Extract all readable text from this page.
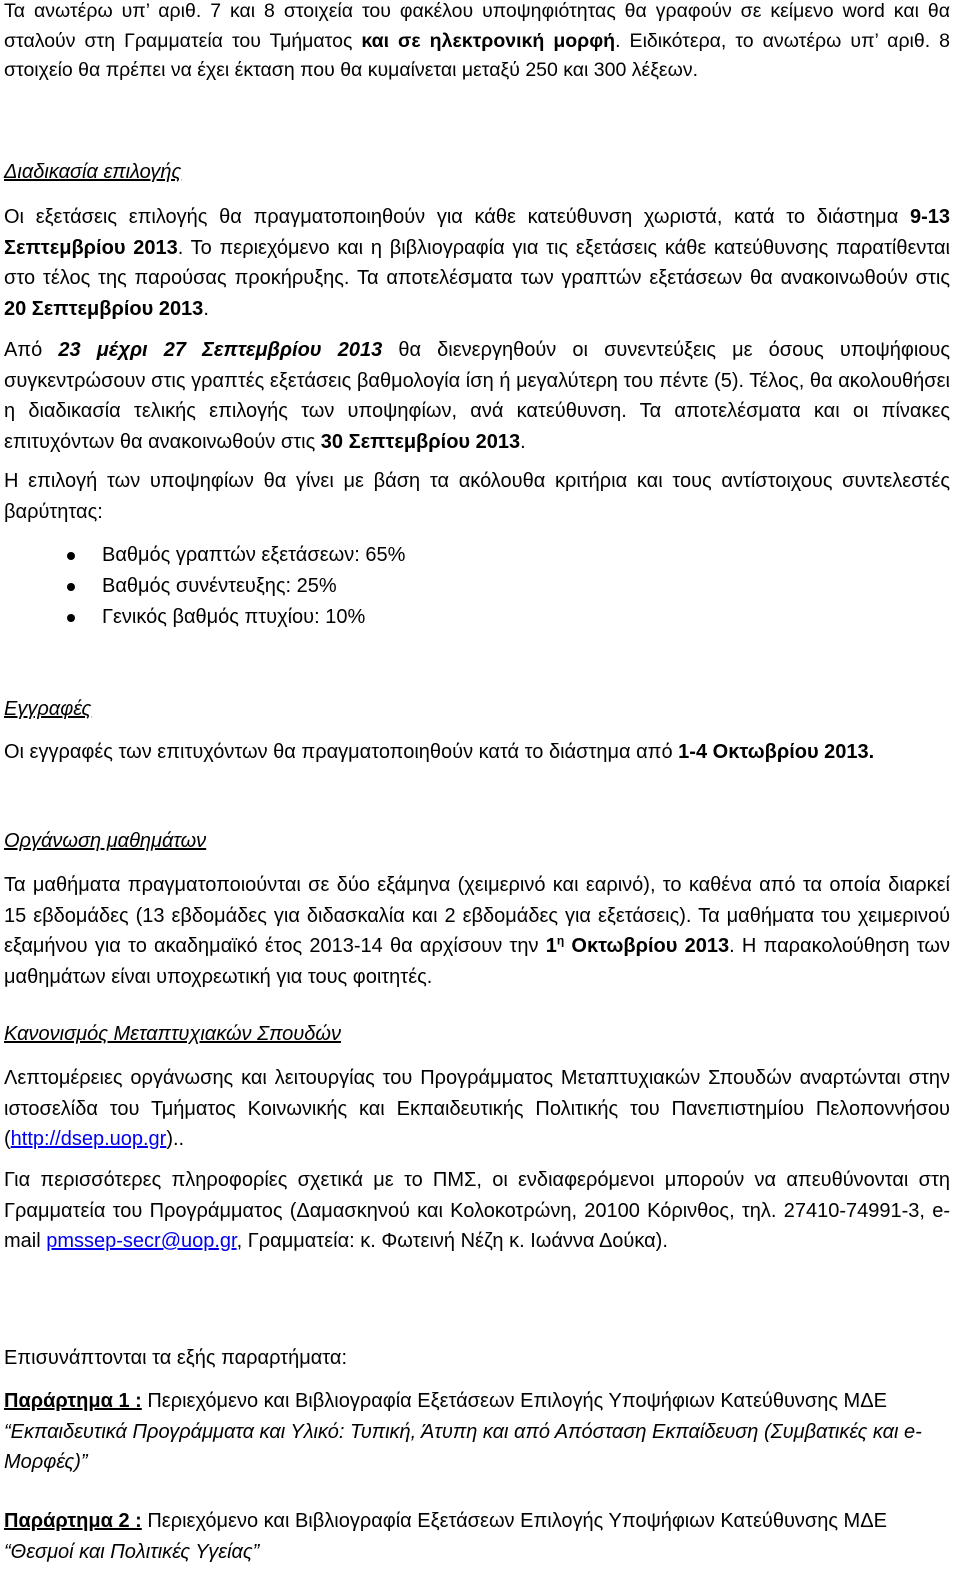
Τα ανωτέρω υπ’ αριθ. 7 και 8 στοιχεία του φακέλου υποψηφιότητας θα γραφούν σε κείμενο word και θα σταλούν στη Γραμματεία του Τμήματος και σε ηλεκτρονική μορφή. Ειδικότερα, το ανωτέρω υπ’ αριθ. 8 στοιχείο θα πρέπει να έχει έκταση που θα κυμαίνεται μεταξύ 250 και 300 λέξεων.

Διαδικασία επιλογής

Οι εξετάσεις επιλογής θα πραγματοποιηθούν για κάθε κατεύθυνση χωριστά, κατά το διάστημα 9-13 Σεπτεμβρίου 2013. Το περιεχόμενο και η βιβλιογραφία για τις εξετάσεις κάθε κατεύθυνσης παρατίθενται στο τέλος της παρούσας προκήρυξης. Τα αποτελέσματα των γραπτών εξετάσεων θα ανακοινωθούν στις 20 Σεπτεμβρίου 2013.

Από 23 μέχρι 27 Σεπτεμβρίου 2013 θα διενεργηθούν οι συνεντεύξεις με όσους υποψήφιους συγκεντρώσουν στις γραπτές εξετάσεις βαθμολογία ίση ή μεγαλύτερη του πέντε (5). Τέλος, θα ακολουθήσει η διαδικασία τελικής επιλογής των υποψηφίων, ανά κατεύθυνση. Τα αποτελέσματα και οι πίνακες επιτυχόντων θα ανακοινωθούν στις 30 Σεπτεμβρίου 2013.

Η επιλογή των υποψηφίων θα γίνει με βάση τα ακόλουθα κριτήρια και τους αντίστοιχους συντελεστές βαρύτητας:

Βαθμός γραπτών εξετάσεων: 65%
Βαθμός συνέντευξης: 25%
Γενικός βαθμός πτυχίου: 10%

Εγγραφές

Οι εγγραφές των επιτυχόντων θα πραγματοποιηθούν κατά το διάστημα από 1-4 Οκτωβρίου 2013.

Οργάνωση μαθημάτων

Τα μαθήματα πραγματοποιούνται σε δύο εξάμηνα (χειμερινό και εαρινό), το καθένα από τα οποία διαρκεί 15 εβδομάδες (13 εβδομάδες για διδασκαλία και 2 εβδομάδες για εξετάσεις). Τα μαθήματα του χειμερινού εξαμήνου για το ακαδημαϊκό έτος 2013-14 θα αρχίσουν την $1^\eta$ Οκτωβρίου 2013. Η παρακολούθηση των μαθημάτων είναι υποχρεωτική για τους φοιτητές.

Κανονισμός Μεταπτυχιακών Σπουδών

Λεπτομέρειες οργάνωσης και λειτουργίας του Προγράμματος Μεταπτυχιακών Σπουδών αναρτώνται στην ιστοσελίδα του Τμήματος Κοινωνικής και Εκπαιδευτικής Πολιτικής του Πανεπιστημίου Πελοποννήσου (http://dsep.uop.gr)..

Για περισσότερες πληροφορίες σχετικά με το ΠΜΣ, οι ενδιαφερόμενοι μπορούν να απευθύνονται στη Γραμματεία του Προγράμματος (Δαμασκηνού και Κολοκοτρώνη, 20100 Κόρινθος, τηλ. 27410-74991-3, e-mail pmssep-secr@uop.gr, Γραμματεία: κ. Φωτεινή Νέζη κ. Ιωάννα Δούκα).

Επισυνάπτονται τα εξής παραρτήματα:

Παράρτημα 1 : Περιεχόμενο και Βιβλιογραφία Εξετάσεων Επιλογής Υποψήφιων Κατεύθυνσης ΜΔΕ “Εκπαιδευτικά Προγράμματα και Υλικό: Τυπική, Άτυπη και από Απόσταση Εκπαίδευση (Συμβατικές και e-Μορφές)”

Παράρτημα 2 : Περιεχόμενο και Βιβλιογραφία Εξετάσεων Επιλογής Υποψήφιων Κατεύθυνσης ΜΔΕ “Θεσμοί και Πολιτικές Υγείας”
